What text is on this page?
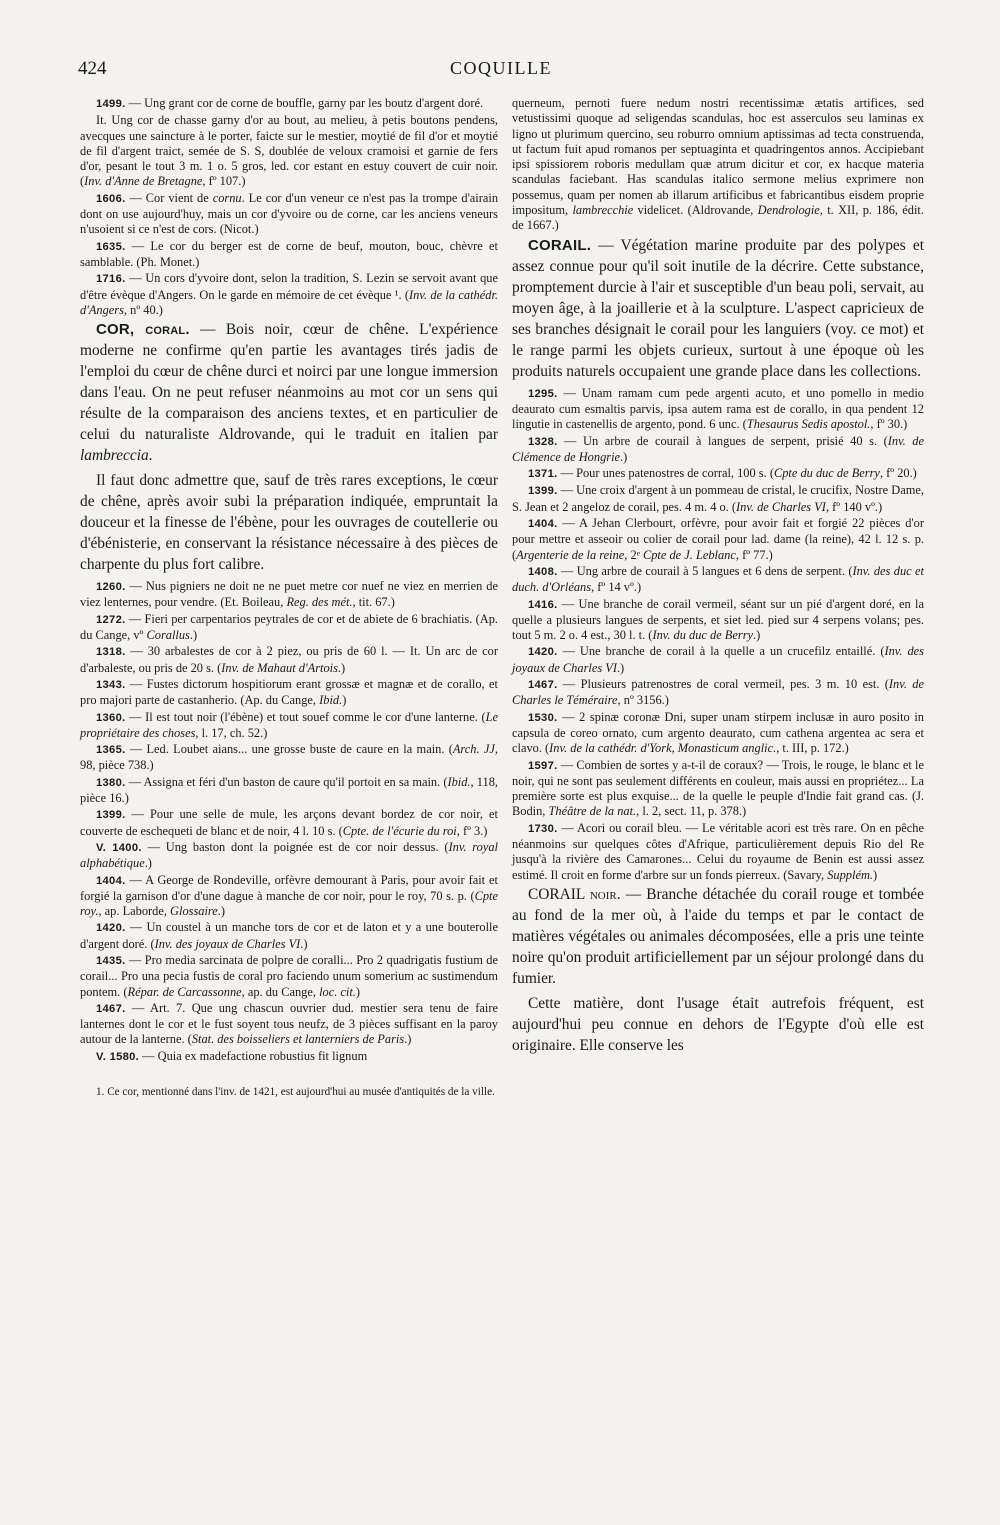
424	COQUILLE

1499. — Ung grant cor de corne de bouffle, garny par les boutz d'argent doré.

It. Ung cor de chasse garny d'or au bout, au melieu, à petis boutons pendens, avecques une saincture à le porter, faicte sur le mestier, moytié de fil d'or et moytié de fil d'argent traict, semée de S. S, doublée de veloux cramoisi et garnie de fers d'or, pesant le tout 3 m. 1 o. 5 gros, led. cor estant en estuy couvert de cuir noir. (Inv. d'Anne de Bretagne, fº 107.)

1606. — Cor vient de cornu. Le cor d'un veneur ce n'est pas la trompe d'airain dont on use aujourd'huy, mais un cor d'yvoire ou de corne, car les anciens veneurs n'usoient si ce n'est de cors. (Nicot.)

1635. — Le cor du berger est de corne de beuf, mouton, bouc, chèvre et samblable. (Ph. Monet.)

1716. — Un cors d'yvoire dont, selon la tradition, S. Lezin se servoit avant que d'être évèque d'Angers. On le garde en mémoire de cet évèque ¹. (Inv. de la cathédr. d'Angers, nº 40.)

COR, coral. — Bois noir, cœur de chêne. L'expérience moderne ne confirme qu'en partie les avantages tirés jadis de l'emploi du cœur de chêne durci et noirci par une longue immersion dans l'eau. On ne peut refuser néanmoins au mot cor un sens qui résulte de la comparaison des anciens textes, et en particulier de celui du naturaliste Aldrovande, qui le traduit en italien par lambreccia.

Il faut donc admettre que, sauf de très rares exceptions, le cœur de chêne, après avoir subi la préparation indiquée, empruntait la douceur et la finesse de l'ébène, pour les ouvrages de coutellerie ou d'ébénisterie, en conservant la résistance nécessaire à des pièces de charpente du plus fort calibre.

1260. — Nus pigniers ne doit ne ne puet metre cor nuef ne viez en merrien de viez lenternes, pour vendre. (Et. Boileau, Reg. des mét., tit. 67.)

1272. — Fieri per carpentarios peytrales de cor et de abiete de 6 brachiatis. (Ap. du Cange, vº Corallus.)

1318. — 30 arbalestes de cor à 2 piez, ou pris de 60 l. — It. Un arc de cor d'arbaleste, ou pris de 20 s. (Inv. de Mahaut d'Artois.)

1343. — Fustes dictorum hospitiorum erant grossæ et magnæ et de corallo, et pro majori parte de castanherio. (Ap. du Cange, Ibid.)

1360. — Il est tout noir (l'ébène) et tout souef comme le cor d'une lanterne. (Le propriétaire des choses, l. 17, ch. 52.)

1365. — Led. Loubet aians... une grosse buste de caure en la main. (Arch. JJ, 98, pièce 738.)

1380. — Assigna et féri d'un baston de caure qu'il portoit en sa main. (Ibid., 118, pièce 16.)

1399. — Pour une selle de mule, les arçons devant bordez de cor noir, et couverte de eschequeti de blanc et de noir, 4 l. 10 s. (Cpte. de l'écurie du roi, fº 3.)

V. 1400. — Ung baston dont la poignée est de cor noir dessus. (Inv. royal alphabétique.)

1404. — A George de Rondeville, orfèvre demourant à Paris, pour avoir fait et forgié la garnison d'or d'une dague à manche de cor noir, pour le roy, 70 s. p. (Cpte roy., ap. Laborde, Glossaire.)

1420. — Un coustel à un manche tors de cor et de laton et y a une bouterolle d'argent doré. (Inv. des joyaux de Charles VI.)

1435. — Pro media sarcinata de polpre de coralli... Pro 2 quadrigatis fustium de corail... Pro una pecia fustis de coral pro faciendo unum somerium ac sustimendum pontem. (Répar. de Carcassonne, ap. du Cange, loc. cit.)

1467. — Art. 7. Que ung chascun ouvrier dud. mestier sera tenu de faire lanternes dont le cor et le fust soyent tous neufz, de 3 pièces suffisant en la paroy autour de la lanterne. (Stat. des boisseliers et lanterniers de Paris.)

V. 1580. — Quia ex madefactione robustius fit lignum

1. Ce cor, mentionné dans l'inv. de 1421, est aujourd'hui au musée d'antiquités de la ville.

querneum, pernoti fuere nedum nostri recentissimæ ætatis artifices, sed vetustissimi quoque ad seligendas scandulas, hoc est asserculos seu laminas ex ligno ut plurimum quercino, seu roburro omnium aptissimas ad tecta construenda, ut factum fuit apud romanos per septuaginta et quadringentos annos. Accipiebant ipsi spissiorem roboris medullam quæ atrum dicitur et cor, ex hacque materia scandulas faciebant. Has scandulas italico sermone melius exprimere non possemus, quam per nomen ab illarum artificibus et fabricantibus eisdem proprie impositum, lambrecchie videlicet. (Aldrovande, Dendrologie, t. XII, p. 186, édit. de 1667.)

CORAIL. — Végétation marine produite par des polypes et assez connue pour qu'il soit inutile de la décrire. Cette substance, promptement durcie à l'air et susceptible d'un beau poli, servait, au moyen âge, à la joaillerie et à la sculpture. L'aspect capricieux de ses branches désignait le corail pour les languiers (voy. ce mot) et le range parmi les objets curieux, surtout à une époque où les produits naturels occupaient une grande place dans les collections.

1295. — Unam ramam cum pede argenti acuto, et uno pomello in medio deaurato cum esmaltis parvis, ipsa autem rama est de corallo, in qua pendent 12 lingutie in castenellis de argento, pond. 6 unc. (Thesaurus Sedis apostol., fº 30.)

1328. — Un arbre de courail à langues de serpent, prisié 40 s. (Inv. de Clémence de Hongrie.)

1371. — Pour unes patenostres de corral, 100 s. (Cpte du duc de Berry, fº 20.)

1399. — Une croix d'argent à un pommeau de cristal, le crucifix, Nostre Dame, S. Jean et 2 angeloz de corail, pes. 4 m. 4 o. (Inv. de Charles VI, fº 140 vº.)

1404. — A Jehan Clerbourt, orfèvre, pour avoir fait et forgié 22 pièces d'or pour mettre et asseoir ou colier de corail pour lad. dame (la reine), 42 l. 12 s. p. (Argenterie de la reine, 2ᵉ Cpte de J. Leblanc, fº 77.)

1408. — Ung arbre de courail à 5 langues et 6 dens de serpent. (Inv. des duc et duch. d'Orléans, fº 14 vº.)

1416. — Une branche de corail vermeil, séant sur un pié d'argent doré, en la quelle a plusieurs langues de serpents, et siet led. pied sur 4 serpens volans; pes. tout 5 m. 2 o. 4 est., 30 l. t. (Inv. du duc de Berry.)

1420. — Une branche de corail à la quelle a un crucefilz entaillé. (Inv. des joyaux de Charles VI.)

1467. — Plusieurs patrenostres de coral vermeil, pes. 3 m. 10 est. (Inv. de Charles le Téméraire, nº 3156.)

1530. — 2 spinæ coronæ Dni, super unam stirpem inclusæ in auro posito in capsula de coreo ornato, cum argento deaurato, cum cathena argentea ac sera et clavo. (Inv. de la cathédr. d'York, Monasticum anglic., t. III, p. 172.)

1597. — Combien de sortes y a-t-il de coraux? — Trois, le rouge, le blanc et le noir, qui ne sont pas seulement différents en couleur, mais aussi en propriétez... La première sorte est plus exquise... de la quelle le peuple d'Indie fait grand cas. (J. Bodin, Théâtre de la nat., l. 2, sect. 11, p. 378.)

1730. — Acori ou corail bleu. — Le véritable acori est très rare. On en pêche néanmoins sur quelques côtes d'Afrique, particulièrement depuis Rio del Re jusqu'à la rivière des Camarones... Celui du royaume de Benin est aussi assez estimé. Il croit en forme d'arbre sur un fonds pierreux. (Savary, Supplém.)

CORAIL noir. — Branche détachée du corail rouge et tombée au fond de la mer où, à l'aide du temps et par le contact de matières végétales ou animales décomposées, elle a pris une teinte noire qu'on produit artificiellement par un séjour prolongé dans du fumier.

Cette matière, dont l'usage était autrefois fréquent, est aujourd'hui peu connue en dehors de l'Egypte d'où elle est originaire. Elle conserve les
